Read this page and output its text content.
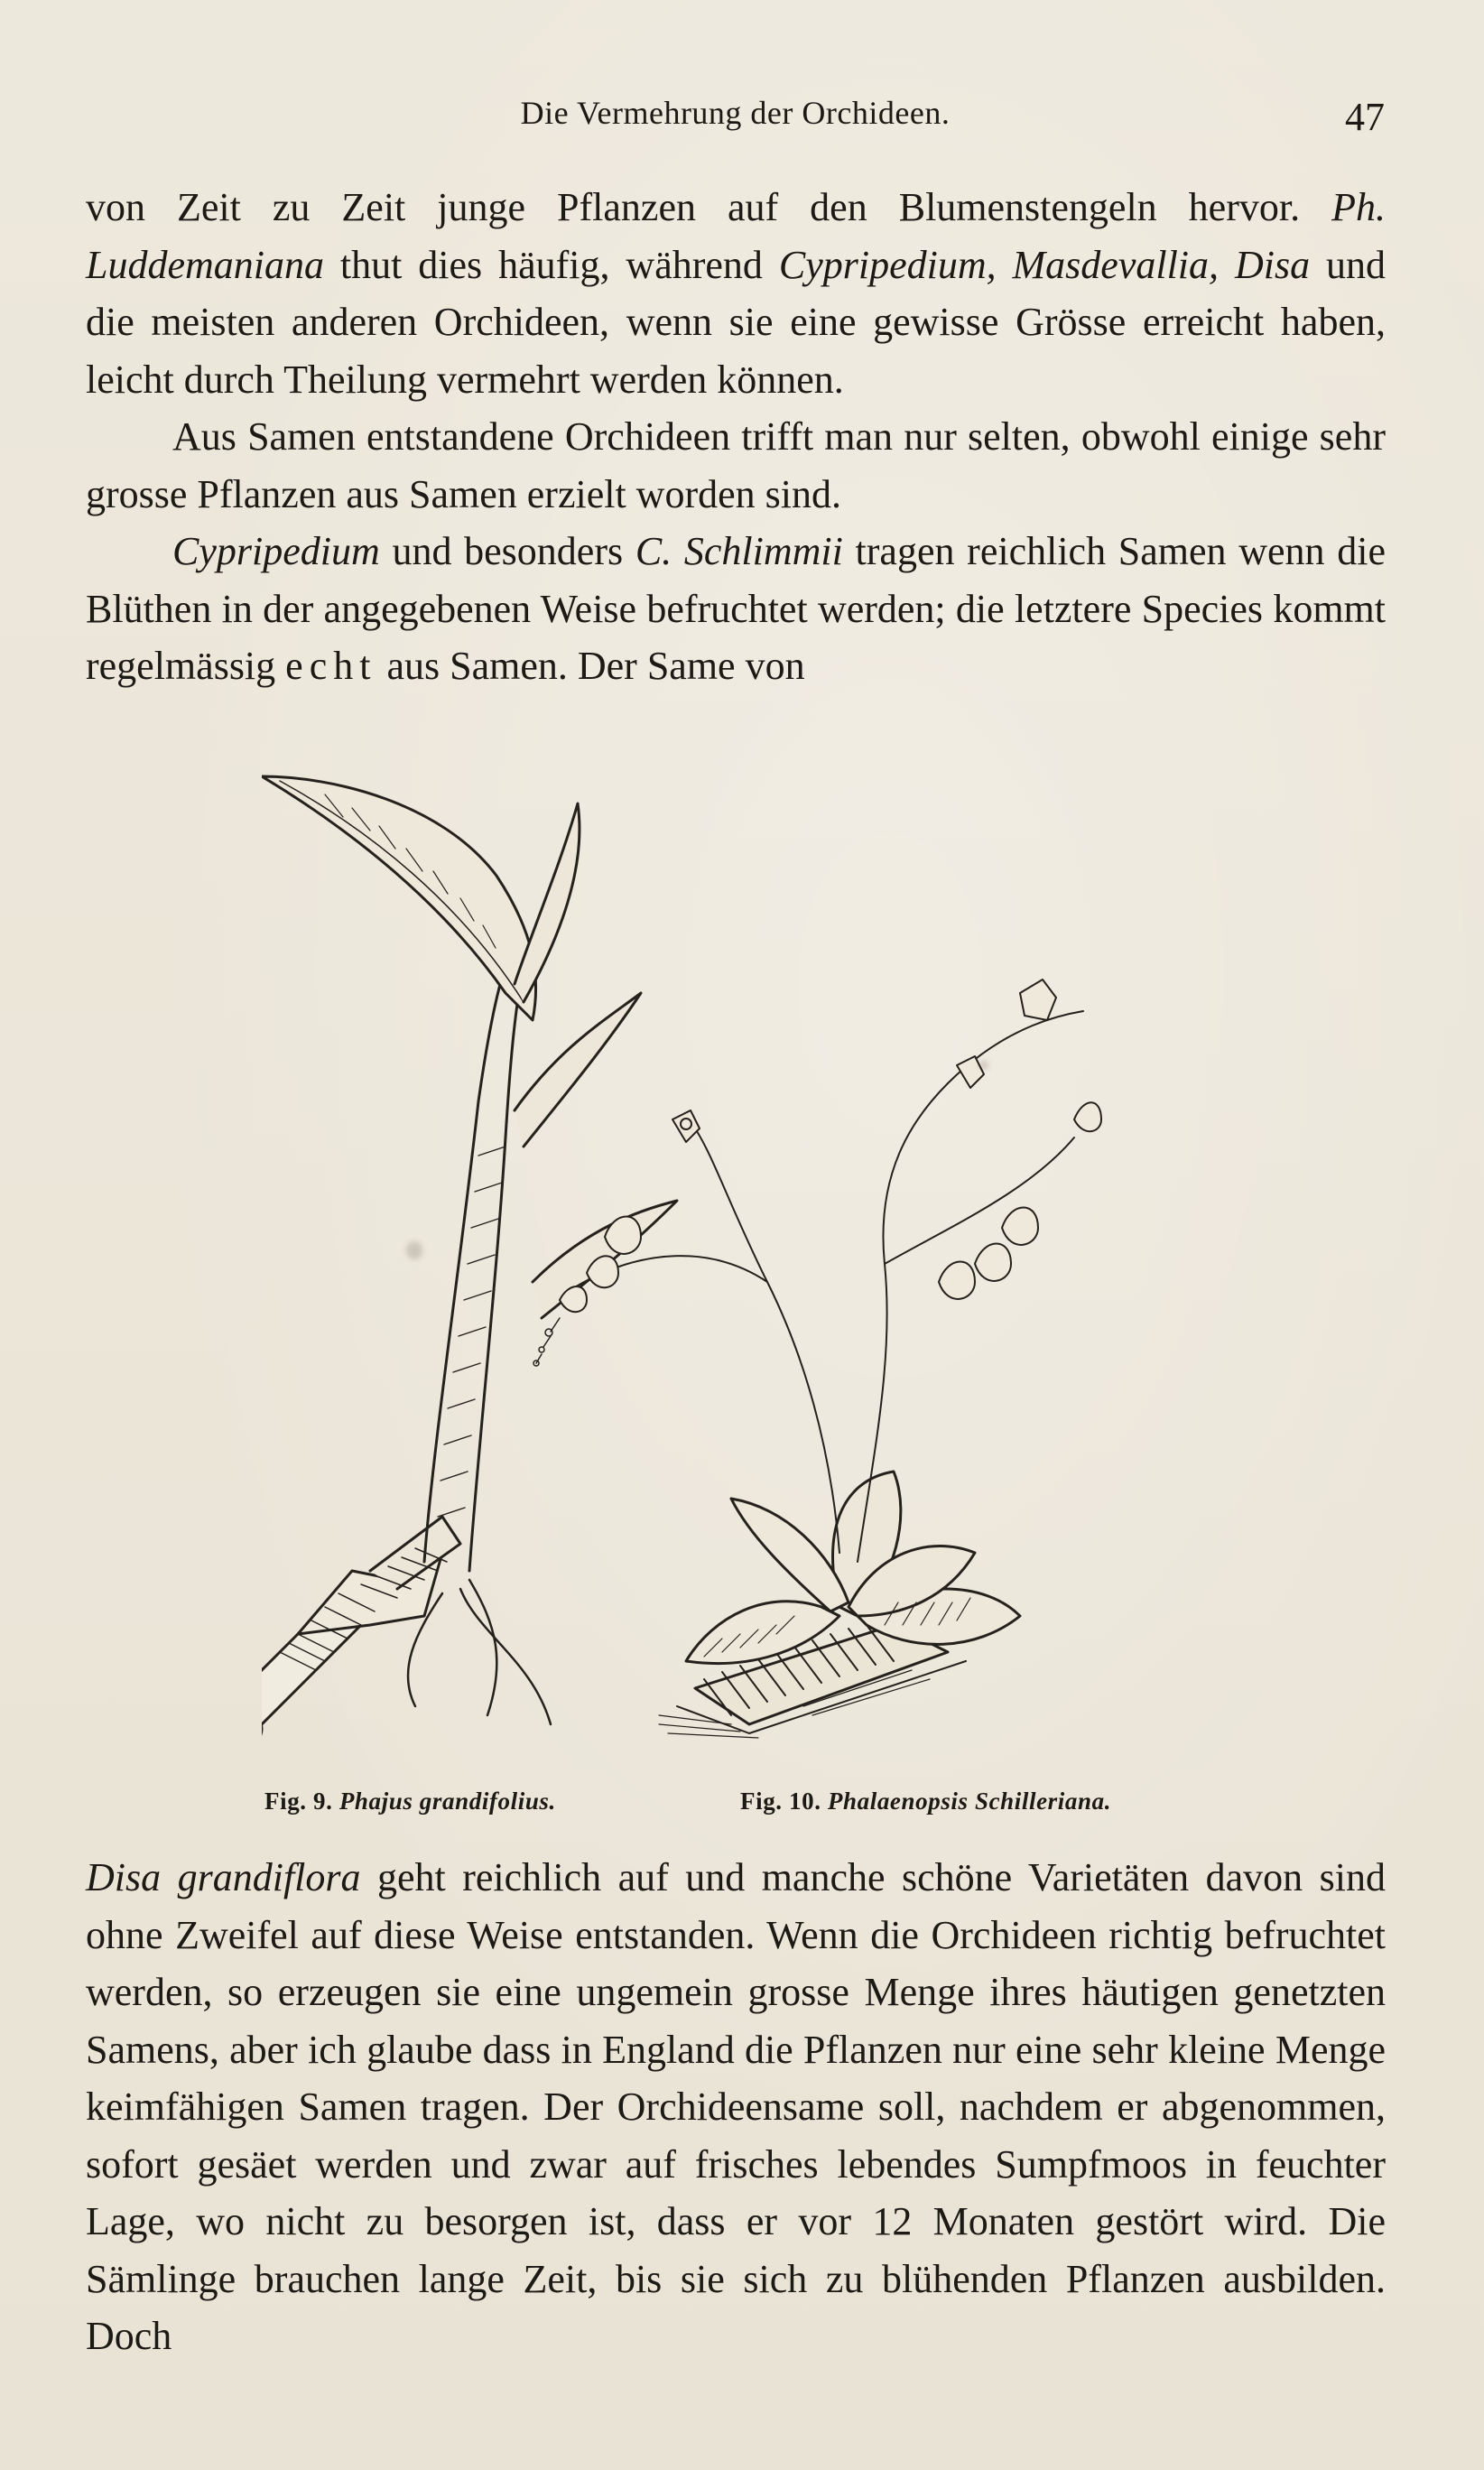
Die Vermehrung der Orchideen.	47

von Zeit zu Zeit junge Pflanzen auf den Blumenstengeln hervor. Ph. Luddemaniana thut dies häufig, während Cypripedium, Masdevallia, Disa und die meisten anderen Orchideen, wenn sie eine gewisse Grösse erreicht haben, leicht durch Theilung vermehrt werden können.

Aus Samen entstandene Orchideen trifft man nur selten, obwohl einige sehr grosse Pflanzen aus Samen erzielt worden sind.

Cypripedium und besonders C. Schlimmii tragen reichlich Samen wenn die Blüthen in der angegebenen Weise befruchtet werden; die letztere Species kommt regelmässig echt aus Samen. Der Same von

Fig. 9. Phajus grandifolius.	Fig. 10. Phalaenopsis Schilleriana.

Disa grandiflora geht reichlich auf und manche schöne Varietäten davon sind ohne Zweifel auf diese Weise entstanden. Wenn die Orchideen richtig befruchtet werden, so erzeugen sie eine ungemein grosse Menge ihres häutigen genetzten Samens, aber ich glaube dass in England die Pflanzen nur eine sehr kleine Menge keimfähigen Samen tragen. Der Orchideensame soll, nachdem er abgenommen, sofort gesäet werden und zwar auf frisches lebendes Sumpfmoos in feuchter Lage, wo nicht zu besorgen ist, dass er vor 12 Monaten gestört wird. Die Sämlinge brauchen lange Zeit, bis sie sich zu blühenden Pflanzen ausbilden. Doch
